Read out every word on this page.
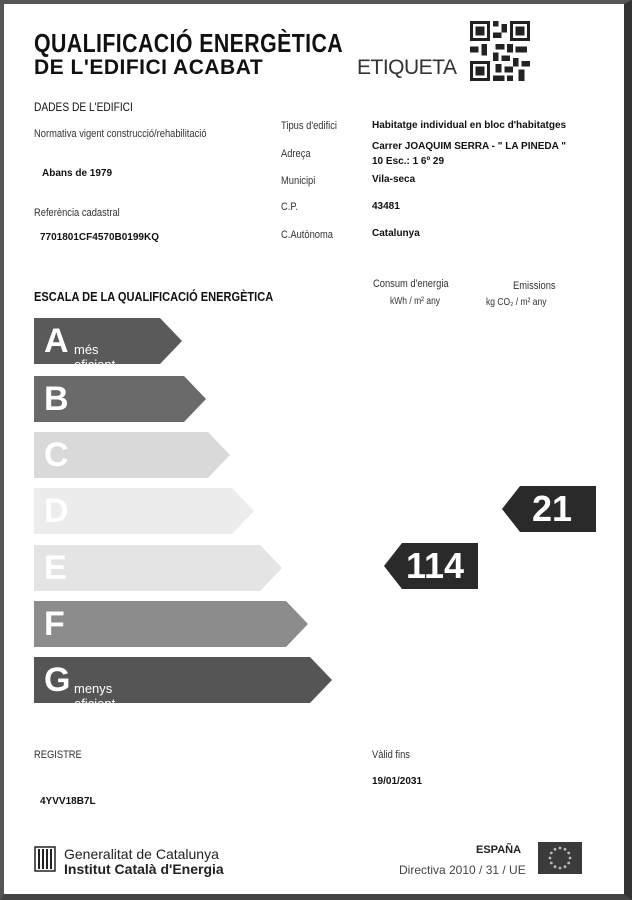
QUALIFICACIÓ ENERGÈTICA
DE L'EDIFICI ACABAT	ETIQUETA
DADES DE L'EDIFICI
Normativa vigent construcció/rehabilitació
Abans de 1979
Referència cadastral
7701801CF4570B0199KQ
Tipus d'edifici	Habitatge individual en bloc d'habitatges
Adreça
Carrer JOAQUIM SERRA - " LA PINEDA "
10 Esc.: 1 6º 29
Municipi	Vila-seca
C.P.	43481
C.Autònoma	Catalunya
ESCALA DE LA QUALIFICACIÓ ENERGÈTICA
Consum d'energia
kWh / m² any
Emissions
kg CO₂ / m² any
A més eficient
B
C
D
E
F
G menys eficient
114
21
REGISTRE
4YVV18B7L
Vàlid fins
19/01/2031
Generalitat de Catalunya
Institut Català d'Energia
ESPAÑA
Directiva 2010 / 31 / UE
